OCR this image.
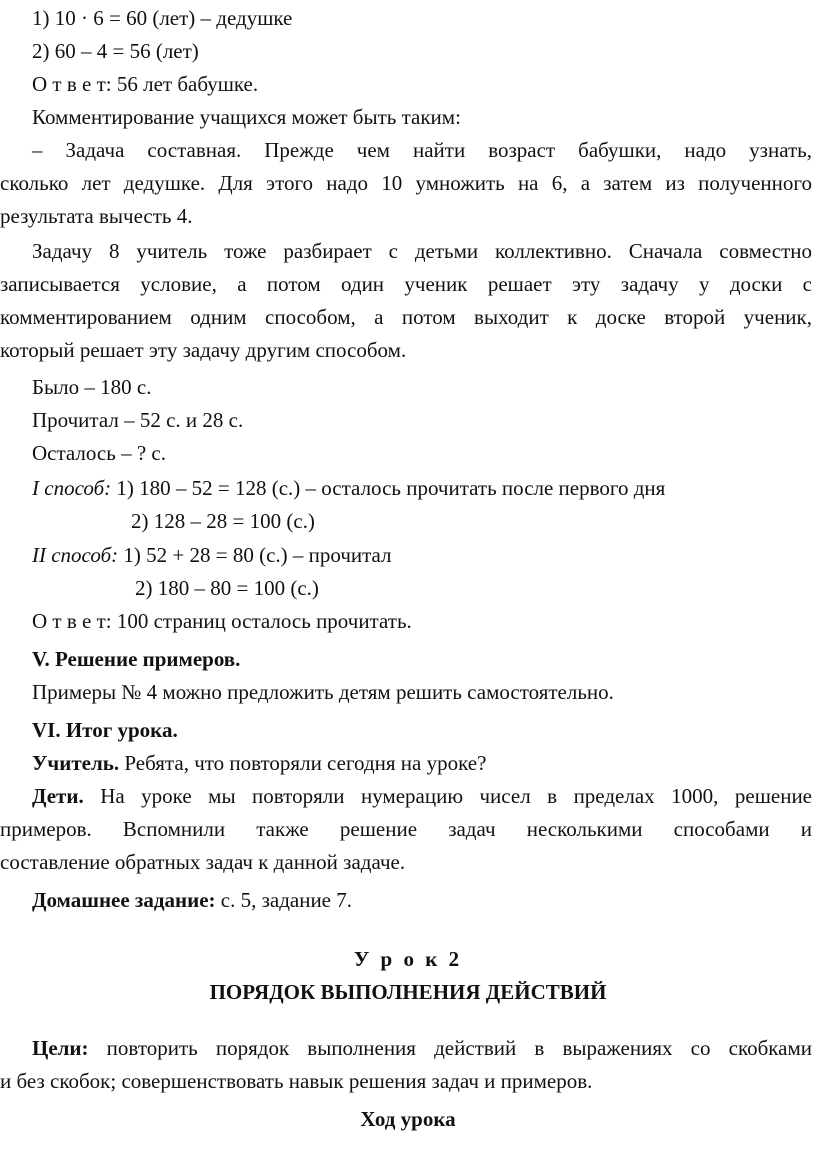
1) 10 · 6 = 60 (лет) – дедушке
2) 60 – 4 = 56 (лет)
О т в е т: 56 лет бабушке.
Комментирование учащихся может быть таким:
– Задача составная. Прежде чем найти возраст бабушки, надо узнать,
сколько лет дедушке. Для этого надо 10 умножить на 6, а затем из полученного
результата вычесть 4.
Задачу 8 учитель тоже разбирает с детьми коллективно. Сначала совместно
записывается условие, а потом один ученик решает эту задачу у доски с
комментированием одним способом, а потом выходит к доске второй ученик,
который решает эту задачу другим способом.
Было – 180 с.
Прочитал – 52 с. и 28 с.
Осталось – ? с.
I способ: 1) 180 – 52 = 128 (с.) – осталось прочитать после первого дня
2) 128 – 28 = 100 (с.)
II способ: 1) 52 + 28 = 80 (с.) – прочитал
2) 180 – 80 = 100 (с.)
О т в е т: 100 страниц осталось прочитать.
V. Решение примеров.
Примеры № 4 можно предложить детям решить самостоятельно.
VI. Итог урока.
Учитель. Ребята, что повторяли сегодня на уроке?
Дети. На уроке мы повторяли нумерацию чисел в пределах 1000, решение
примеров. Вспомнили также решение задач несколькими способами и
составление обратных задач к данной задаче.
Домашнее задание: с. 5, задание 7.
У р о к 2
ПОРЯДОК ВЫПОЛНЕНИЯ ДЕЙСТВИЙ
Цели: повторить порядок выполнения действий в выражениях со скобками
и без скобок; совершенствовать навык решения задач и примеров.
Ход урока
